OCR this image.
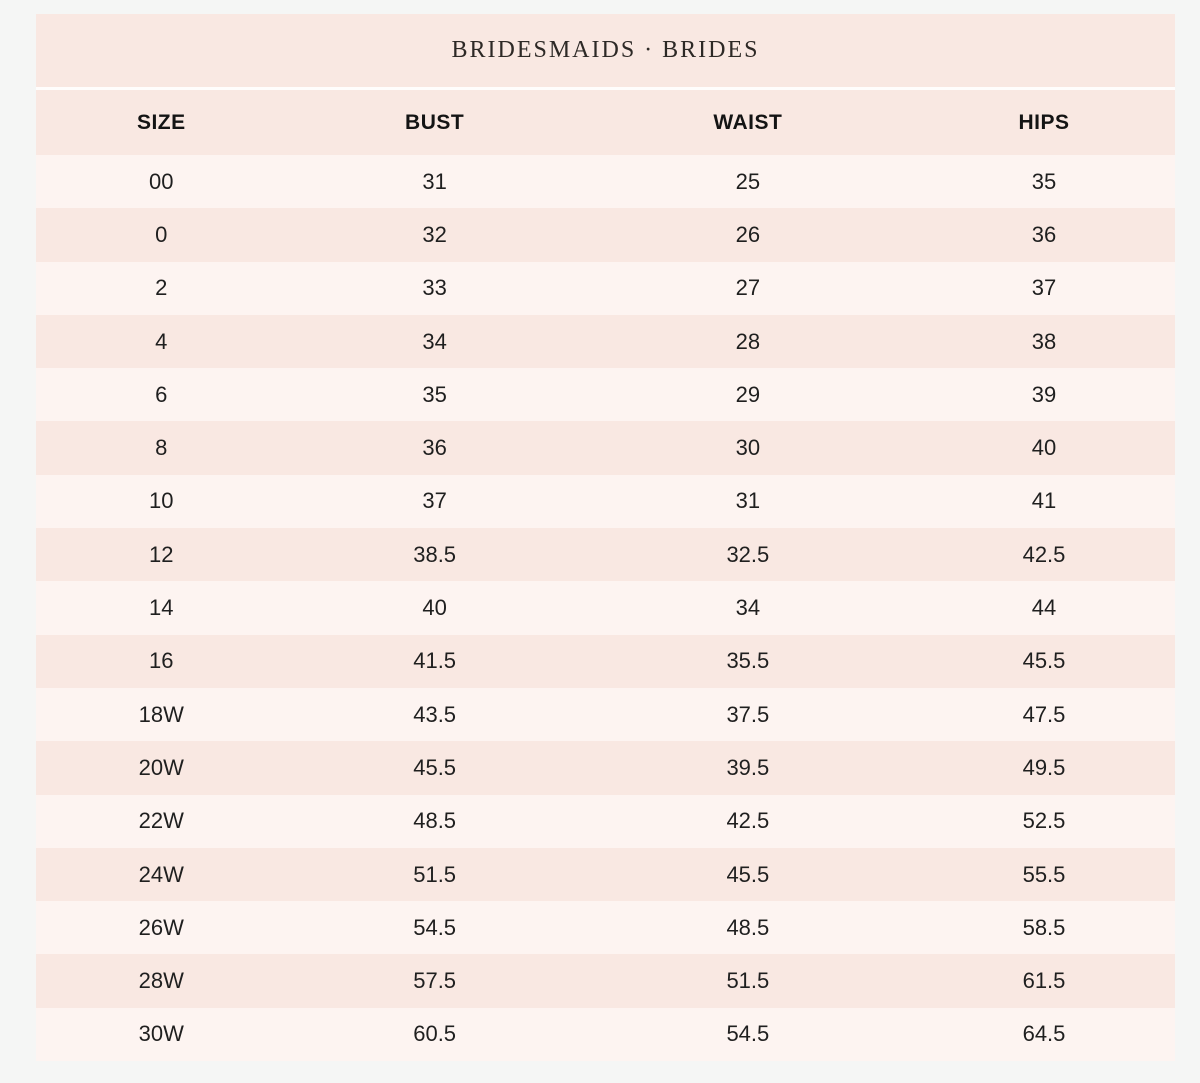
BRIDESMAIDS · BRIDES
SIZE	BUST	WAIST	HIPS
00	31	25	35
0	32	26	36
2	33	27	37
4	34	28	38
6	35	29	39
8	36	30	40
10	37	31	41
12	38.5	32.5	42.5
14	40	34	44
16	41.5	35.5	45.5
18W	43.5	37.5	47.5
20W	45.5	39.5	49.5
22W	48.5	42.5	52.5
24W	51.5	45.5	55.5
26W	54.5	48.5	58.5
28W	57.5	51.5	61.5
30W	60.5	54.5	64.5
